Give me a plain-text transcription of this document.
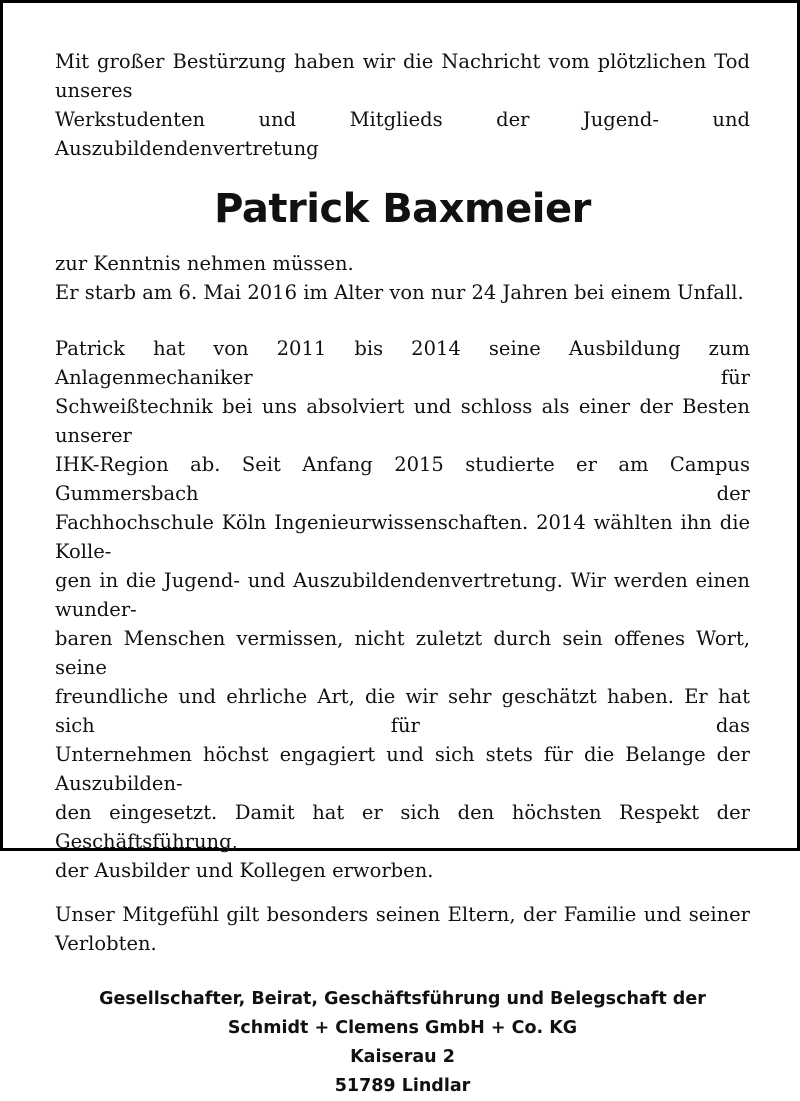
Mit großer Bestürzung haben wir die Nachricht vom plötzlichen Tod unseres
Werkstudenten und Mitglieds der Jugend- und Auszubildendenvertretung

Patrick Baxmeier

zur Kenntnis nehmen müssen.
Er starb am 6. Mai 2016 im Alter von nur 24 Jahren bei einem Unfall.

Patrick hat von 2011 bis 2014 seine Ausbildung zum Anlagenmechaniker für
Schweißtechnik bei uns absolviert und schloss als einer der Besten unserer
IHK-Region ab. Seit Anfang 2015 studierte er am Campus Gummersbach der
Fachhochschule Köln Ingenieurwissenschaften. 2014 wählten ihn die Kolle-
gen in die Jugend- und Auszubildendenvertretung. Wir werden einen wunder-
baren Menschen vermissen, nicht zuletzt durch sein offenes Wort, seine
freundliche und ehrliche Art, die wir sehr geschätzt haben. Er hat sich für das
Unternehmen höchst engagiert und sich stets für die Belange der Auszubilden-
den eingesetzt. Damit hat er sich den höchsten Respekt der Geschäftsführung,
der Ausbilder und Kollegen erworben.

Unser Mitgefühl gilt besonders seinen Eltern, der Familie und seiner Verlobten.

Gesellschafter, Beirat, Geschäftsführung und Belegschaft der
Schmidt + Clemens GmbH + Co. KG
Kaiserau 2
51789 Lindlar
